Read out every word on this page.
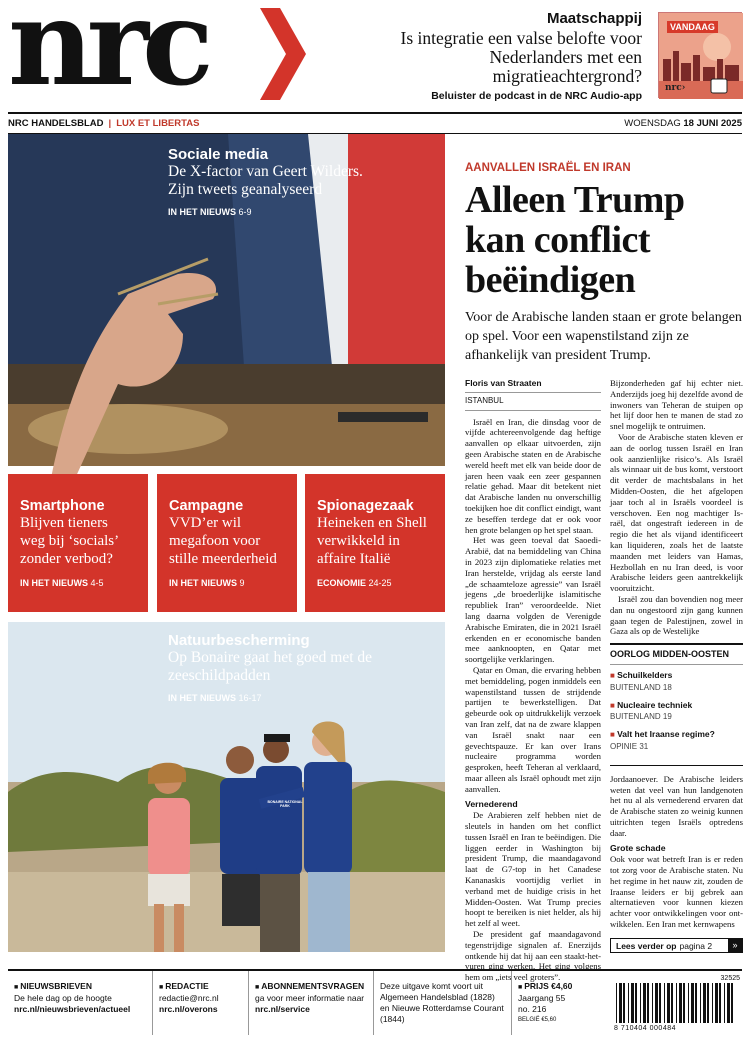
nrc	Maatschappij
Is integratie een valse belofte voor Nederlanders met een migratieachtergrond?
Beluister de podcast in de NRC Audio-app
VANDAAG
nrc›
NRC HANDELSBLAD | LUX ET LIBERTAS	WOENSDAG 18 JUNI 2025
Sociale media
De X-factor van Geert Wilders. Zijn tweets geanalyseerd
IN HET NIEUWS 6-9
Smartphone
Blijven tieners weg bij ‘socials’ zonder verbod?
IN HET NIEUWS 4-5
Campagne
VVD’er wil megafoon voor stille meerderheid
IN HET NIEUWS 9
Spionagezaak
Heineken en Shell verwikkeld in affaire Italië
ECONOMIE 24-25
Natuurbescherming
Op Bonaire gaat het goed met de zeeschildpadden
IN HET NIEUWS 16-17
BONAIRE NATIONAL PARK
AANVALLEN ISRAËL EN IRAN
Alleen Trump kan conflict beëindigen
Voor de Arabische landen staan er grote belangen op spel. Voor een wapenstilstand zijn ze afhankelijk van president Trump.
Floris van Straaten
ISTANBUL

Israël en Iran, die dinsdag voor de vijfde achtereenvolgende dag heftige aanvallen op elkaar uitvoerden, zijn geen Arabische staten en de Arabische wereld heeft met elk van beide door de jaren heen vaak een zeer gespannen relatie gehad. Maar dit betekent niet dat Arabische landen nu onverschillig toekijken hoe dit conflict eindigt, want ze beseffen terdege dat er ook voor hen grote belangen op het spel staan.

Het was geen toeval dat Saoedi-Arabië, dat na bemiddeling van China in 2023 zijn diplomatieke relaties met Iran herstelde, vrijdag als eerste land „de schaamteloze agressie” van Israël jegens „de broederlijke islamitische republiek Iran” veroordeelde. Niet lang daarna volgden de Verenigde Arabische Emiraten, die in 2021 Israël erkenden en er economische banden mee aanknoopten, en Qatar met soortgelijke verklaringen.

Qatar en Oman, die ervaring hebben met bemiddeling, pogen inmiddels een wapenstilstand tussen de strijdende partijen te bewerkstelligen. Dat gebeurde ook op uitdrukkelijk verzoek van Iran zelf, dat na de zware klappen van Israël snakt naar een gevechtspauze. Er kan over Irans nucleaire programma worden gesproken, heeft Teheran al verklaard, maar alleen als Israël ophoudt met zijn aanvallen.

Vernederend

De Arabieren zelf hebben niet de sleutels in handen om het conflict tussen Israël en Iran te beëindigen. Die liggen eerder in Washington bij president Trump, die maandagavond laat de G7-top in het Canadese Kananaskis voortijdig verliet in verband met de huidige crisis in het Midden-Oosten. Wat Trump precies hoopt te bereiken is niet helder, als hij het zelf al weet.

De president gaf maandagavond tegenstrijdige signalen af. Enerzijds ontkende hij dat hij aan een staakt-het-vuren ging werken. Het ging volgens hem om „iets veel groters”.

Bijzonderheden gaf hij echter niet. Anderzijds joeg hij dezelfde avond de inwoners van Teheran de stuipen op het lijf door hen te manen de stad zo snel mogelijk te ontruimen.

Voor de Arabische staten kleven er aan de oorlog tussen Israël en Iran ook aanzienlijke risico’s. Als Israël als winnaar uit de bus komt, verstoort dit verder de machtsbalans in het Midden-Oosten, die het afgelopen jaar toch al in Israëls voordeel is verschoven. Een nog machtiger Israël, dat ongestraft iedereen in de regio die het als vijand identificeert kan liquideren, zoals het de laatste maanden met leiders van Hamas, Hezbollah en nu Iran deed, is voor Arabische leiders geen aantrekkelijk vooruitzicht.

Israël zou dan bovendien nog meer dan nu ongestoord zijn gang kunnen gaan tegen de Palestijnen, zowel in Gaza als op de Westelijke

OORLOG MIDDEN-OOSTEN
■ Schuilkelders
BUITENLAND 18
■ Nucleaire techniek
BUITENLAND 19
■ Valt het Iraanse regime?
OPINIE 31

Jordaanoever. De Arabische leiders weten dat veel van hun landgenoten het nu al als vernederend ervaren dat de Arabische staten zo weinig kunnen uitrichten tegen Israëls optredens daar.

Grote schade

Ook voor wat betreft Iran is er reden tot zorg voor de Arabische staten. Nu het regime in het nauw zit, zouden de Iraanse leiders er bij gebrek aan alternatieven voor kunnen kiezen achter voor ontwikkelingen voor ontwikkelen. Een Iran met kernwapens

Lees verder op pagina 2	»
■ NIEUWSBRIEVEN
De hele dag op de hoogte
nrc.nl/nieuwsbrieven/actueel
■ REDACTIE
redactie@nrc.nl
nrc.nl/overons
■ ABONNEMENTSVRAGEN
ga voor meer informatie naar
nrc.nl/service
Deze uitgave komt voort uit Algemeen Handelsblad (1828) en Nieuwe Rotterdamse Courant (1844)
■ PRIJS €4,60
Jaargang 55
no. 216
BELGIË €5,60
32525
8 710404 000484
